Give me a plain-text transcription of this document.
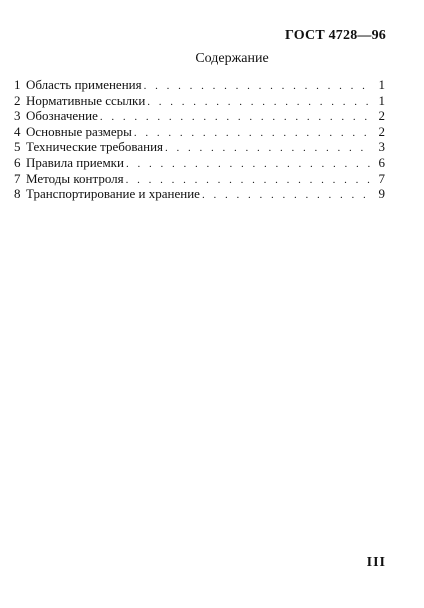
ГОСТ 4728—96
Содержание
1 Область применения . . .	1
2 Нормативные ссылки . . .	1
3 Обозначение . . .	2
4 Основные размеры . . .	2
5 Технические требования . . .	3
6 Правила приемки . . .	6
7 Методы контроля . . .	7
8 Транспортирование и хранение . . .	9
III
